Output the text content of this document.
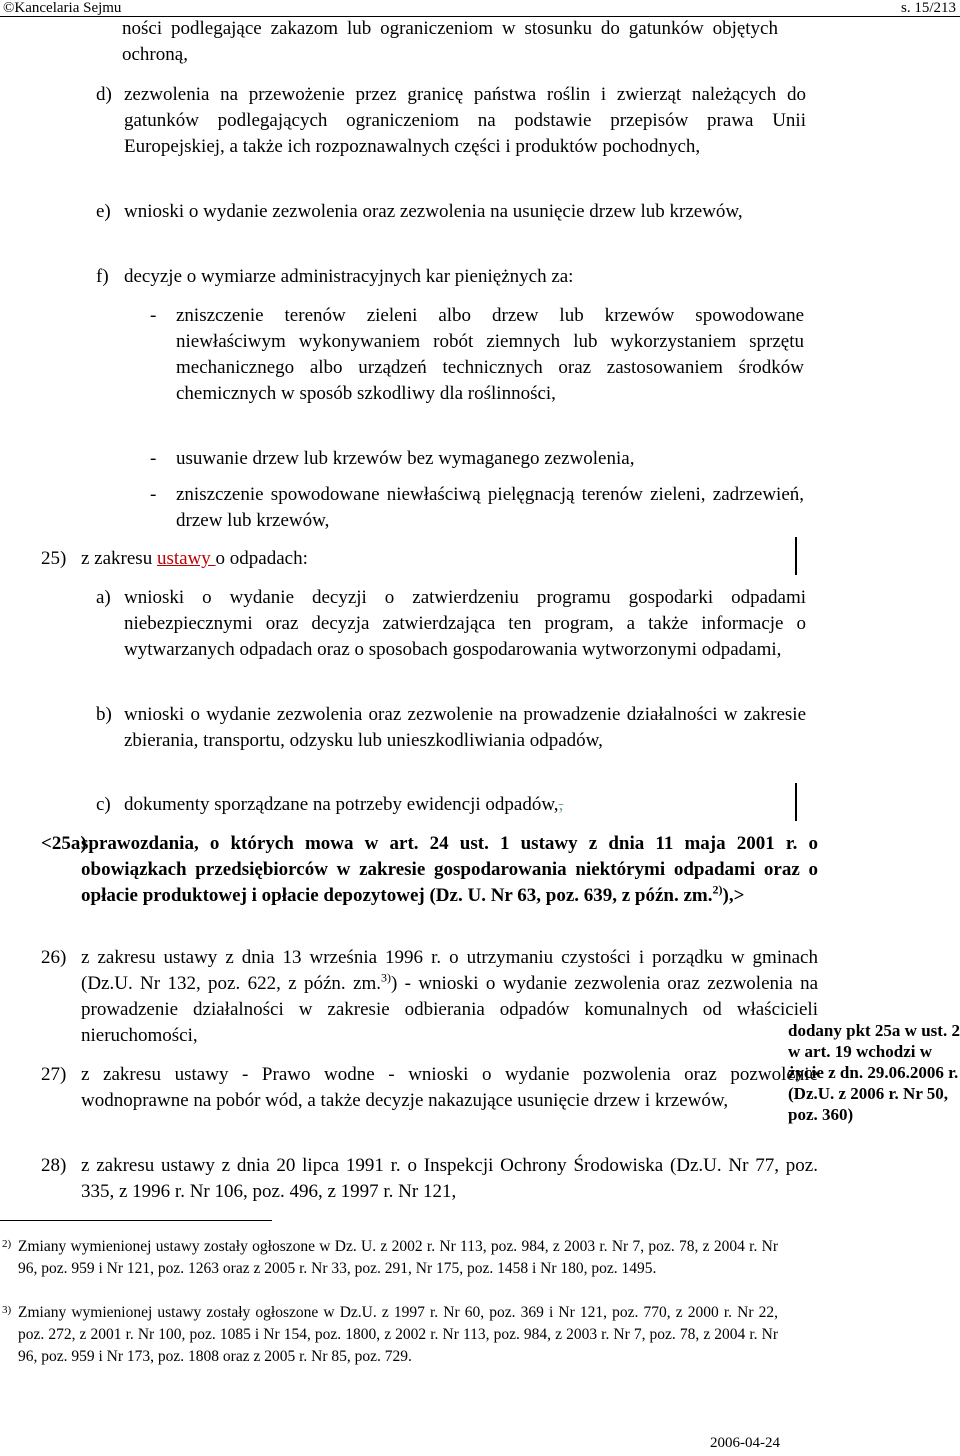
©Kancelaria Sejmu	s. 15/213
ności podlegające zakazom lub ograniczeniom w stosunku do gatunków objętych ochroną,
d) zezwolenia na przewożenie przez granicę państwa roślin i zwierząt należących do gatunków podlegających ograniczeniom na podstawie przepisów prawa Unii Europejskiej, a także ich rozpoznawalnych części i produktów pochodnych,
e) wnioski o wydanie zezwolenia oraz zezwolenia na usunięcie drzew lub krzewów,
f) decyzje o wymiarze administracyjnych kar pieniężnych za:
- zniszczenie terenów zieleni albo drzew lub krzewów spowodowane niewłaściwym wykonywaniem robót ziemnych lub wykorzystaniem sprzętu mechanicznego albo urządzeń technicznych oraz zastosowaniem środków chemicznych w sposób szkodliwy dla roślinności,
- usuwanie drzew lub krzewów bez wymaganego zezwolenia,
- zniszczenie spowodowane niewłaściwą pielęgnacją terenów zieleni, zadrzewień, drzew lub krzewów,
25) z zakresu ustawy o odpadach:
a) wnioski o wydanie decyzji o zatwierdzeniu programu gospodarki odpadami niebezpiecznymi oraz decyzja zatwierdzająca ten program, a także informacje o wytwarzanych odpadach oraz o sposobach gospodarowania wytworzonymi odpadami,
b) wnioski o wydanie zezwolenia oraz zezwolenie na prowadzenie działalności w zakresie zbierania, transportu, odzysku lub unieszkodliwiania odpadów,
c) dokumenty sporządzane na potrzeby ewidencji odpadów,,
<25a)
sprawozdania, o których mowa w art. 24 ust. 1 ustawy z dnia 11 maja 2001 r. o obowiązkach przedsiębiorców w zakresie gospodarowania niektórymi odpadami oraz o opłacie produktowej i opłacie depozytowej (Dz. U. Nr 63, poz. 639, z późn. zm.$^{2)}$),>
26) z zakresu ustawy z dnia 13 września 1996 r. o utrzymaniu czystości i porządku w gminach (Dz.U. Nr 132, poz. 622, z późn. zm.$^{3)}$) - wnioski o wydanie zezwolenia oraz zezwolenia na prowadzenie działalności w zakresie odbierania odpadów komunalnych od właścicieli nieruchomości,
27) z zakresu ustawy - Prawo wodne - wnioski o wydanie pozwolenia oraz pozwolenie wodnoprawne na pobór wód, a także decyzje nakazujące usunięcie drzew i krzewów,
28) z zakresu ustawy z dnia 20 lipca 1991 r. o Inspekcji Ochrony Środowiska (Dz.U. Nr 77, poz. 335, z 1996 r. Nr 106, poz. 496, z 1997 r. Nr 121,
dodany pkt 25a w ust. 2 w art. 19 wchodzi w życie z dn. 29.06.2006 r. (Dz.U. z 2006 r. Nr 50, poz. 360)
2) Zmiany wymienionej ustawy zostały ogłoszone w Dz. U. z 2002 r. Nr 113, poz. 984, z 2003 r. Nr 7, poz. 78, z 2004 r. Nr 96, poz. 959 i Nr 121, poz. 1263 oraz z 2005 r. Nr 33, poz. 291, Nr 175, poz. 1458 i Nr 180, poz. 1495.
3) Zmiany wymienionej ustawy zostały ogłoszone w Dz.U. z 1997 r. Nr 60, poz. 369 i Nr 121, poz. 770, z 2000 r. Nr 22, poz. 272, z 2001 r. Nr 100, poz. 1085 i Nr 154, poz. 1800, z 2002 r. Nr 113, poz. 984, z 2003 r. Nr 7, poz. 78, z 2004 r. Nr 96, poz. 959 i Nr 173, poz. 1808 oraz z 2005 r. Nr 85, poz. 729.
2006-04-24
